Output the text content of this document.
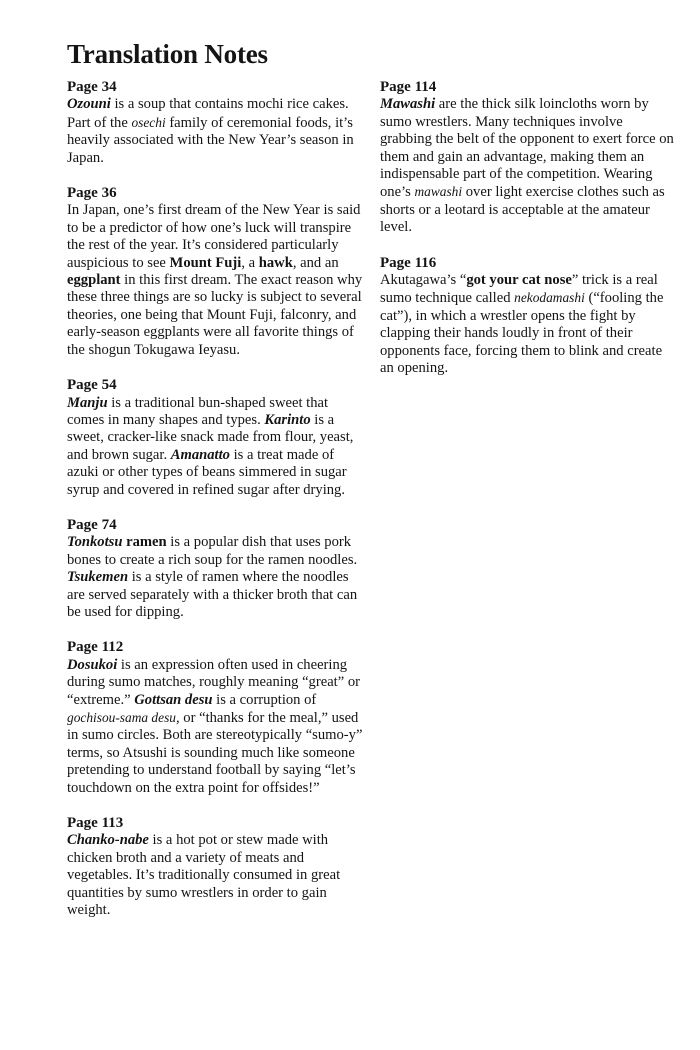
Translation Notes
Page 34

Ozouni is a soup that contains mochi rice cakes. Part of the osechi family of ceremonial foods, it’s heavily associated with the New Year’s season in Japan.

Page 36

In Japan, one’s first dream of the New Year is said to be a predictor of how one’s luck will transpire the rest of the year. It’s considered particularly auspicious to see Mount Fuji, a hawk, and an eggplant in this first dream. The exact reason why these three things are so lucky is subject to several theories, one being that Mount Fuji, falconry, and early-season eggplants were all favorite things of the shogun Tokugawa Ieyasu.

Page 54

Manju is a traditional bun-shaped sweet that comes in many shapes and types. Karinto is a sweet, cracker-like snack made from flour, yeast, and brown sugar. Amanatto is a treat made of azuki or other types of beans simmered in sugar syrup and covered in refined sugar after drying.

Page 74

Tonkotsu ramen is a popular dish that uses pork bones to create a rich soup for the ramen noodles. Tsukemen is a style of ramen where the noodles are served separately with a thicker broth that can be used for dipping.

Page 112

Dosukoi is an expression often used in cheering during sumo matches, roughly meaning “great” or “extreme.” Gottsan desu is a corruption of gochisou-sama desu, or “thanks for the meal,” used in sumo circles. Both are stereotypically “sumo-y” terms, so Atsushi is sounding much like someone pretending to understand football by saying “let’s touchdown on the extra point for offsides!”

Page 113

Chanko-nabe is a hot pot or stew made with chicken broth and a variety of meats and vegetables. It’s traditionally consumed in great quantities by sumo wrestlers in order to gain weight.

Page 114

Mawashi are the thick silk loincloths worn by sumo wrestlers. Many techniques involve grabbing the belt of the opponent to exert force on them and gain an advantage, making them an indispensable part of the competition. Wearing one’s mawashi over light exercise clothes such as shorts or a leotard is acceptable at the amateur level.

Page 116

Akutagawa’s “got your cat nose” trick is a real sumo technique called nekodamashi (“fooling the cat”), in which a wrestler opens the fight by clapping their hands loudly in front of their opponents face, forcing them to blink and create an opening.
